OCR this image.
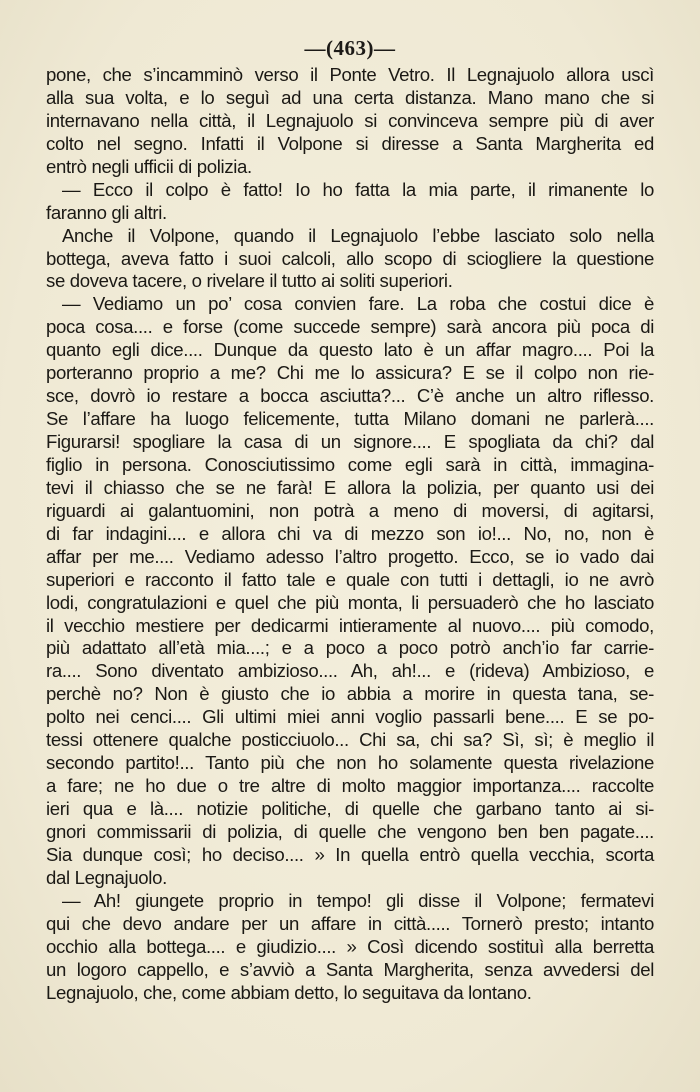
—(463)—
pone, che s’incamminò verso il Ponte Vetro. Il Legnajuolo allora uscì
alla sua volta, e lo seguì ad una certa distanza. Mano mano che si
internavano nella città, il Legnajuolo si convinceva sempre più di aver
colto nel segno. Infatti il Volpone si diresse a Santa Margherita ed
entrò negli ufficii di polizia.
— Ecco il colpo è fatto! Io ho fatta la mia parte, il rimanente lo
faranno gli altri.
Anche il Volpone, quando il Legnajuolo l’ebbe lasciato solo nella
bottega, aveva fatto i suoi calcoli, allo scopo di sciogliere la questione
se doveva tacere, o rivelare il tutto ai soliti superiori.
— Vediamo un po’ cosa convien fare. La roba che costui dice è
poca cosa.... e forse (come succede sempre) sarà ancora più poca di
quanto egli dice.... Dunque da questo lato è un affar magro.... Poi la
porteranno proprio a me? Chi me lo assicura? E se il colpo non rie-
sce, dovrò io restare a bocca asciutta?... C’è anche un altro riflesso.
Se l’affare ha luogo felicemente, tutta Milano domani ne parlerà....
Figurarsi! spogliare la casa di un signore.... E spogliata da chi? dal
figlio in persona. Conosciutissimo come egli sarà in città, immagina-
tevi il chiasso che se ne farà! E allora la polizia, per quanto usi dei
riguardi ai galantuomini, non potrà a meno di moversi, di agitarsi,
di far indagini.... e allora chi va di mezzo son io!... No, no, non è
affar per me.... Vediamo adesso l’altro progetto. Ecco, se io vado dai
superiori e racconto il fatto tale e quale con tutti i dettagli, io ne avrò
lodi, congratulazioni e quel che più monta, li persuaderò che ho lasciato
il vecchio mestiere per dedicarmi intieramente al nuovo.... più comodo,
più adattato all’età mia....; e a poco a poco potrò anch’io far carrie-
ra.... Sono diventato ambizioso.... Ah, ah!... e (rideva) Ambizioso, e
perchè no? Non è giusto che io abbia a morire in questa tana, se-
polto nei cenci.... Gli ultimi miei anni voglio passarli bene.... E se po-
tessi ottenere qualche posticciuolo... Chi sa, chi sa? Sì, sì; è meglio il
secondo partito!... Tanto più che non ho solamente questa rivelazione
a fare; ne ho due o tre altre di molto maggior importanza.... raccolte
ieri qua e là.... notizie politiche, di quelle che garbano tanto ai si-
gnori commissarii di polizia, di quelle che vengono ben ben pagate....
Sia dunque così; ho deciso.... » In quella entrò quella vecchia, scorta
dal Legnajuolo.
— Ah! giungete proprio in tempo! gli disse il Volpone; fermatevi
qui che devo andare per un affare in città..... Tornerò presto; intanto
occhio alla bottega.... e giudizio.... » Così dicendo sostituì alla berretta
un logoro cappello, e s’avviò a Santa Margherita, senza avvedersi del
Legnajuolo, che, come abbiam detto, lo seguitava da lontano.
